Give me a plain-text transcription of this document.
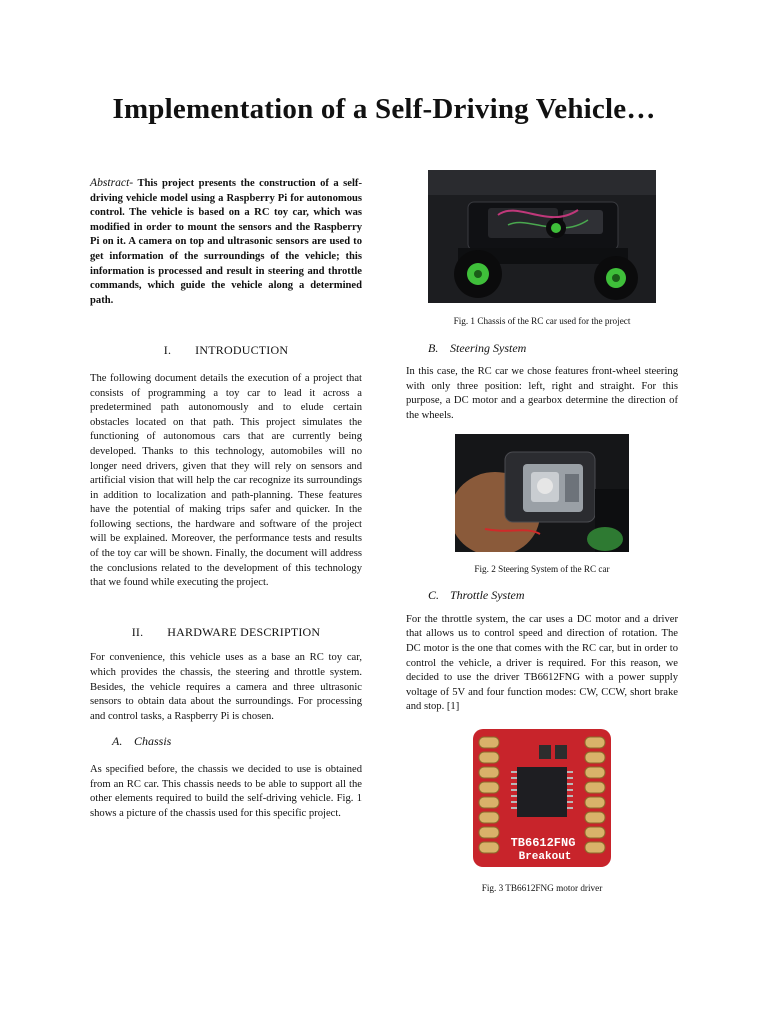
Implementation of a Self-Driving Vehicle…

Abstract- This project presents the construction of a self-driving vehicle model using a Raspberry Pi for autonomous control. The vehicle is based on a RC toy car, which was modified in order to mount the sensors and the Raspberry Pi on it. A camera on top and ultrasonic sensors are used to get information of the surroundings of the vehicle; this information is processed and result in steering and throttle commands, which guide the vehicle along a determined path.

I. INTRODUCTION

The following document details the execution of a project that consists of programming a toy car to lead it across a predetermined path autonomously and to elude certain obstacles located on that path. This project simulates the functioning of autonomous cars that are currently being developed. Thanks to this technology, automobiles will no longer need drivers, given that they will rely on sensors and artificial vision that will help the car recognize its surroundings in addition to localization and path-planning. These features have the potential of making trips safer and quicker. In the following sections, the hardware and software of the project will be explained. Moreover, the performance tests and results of the toy car will be shown. Finally, the document will address the conclusions related to the development of this technology that we found while executing the project.

II. HARDWARE DESCRIPTION

For convenience, this vehicle uses as a base an RC toy car, which provides the chassis, the steering and throttle system. Besides, the vehicle requires a camera and three ultrasonic sensors to obtain data about the surroundings. For processing and control tasks, a Raspberry Pi is chosen.

A. Chassis

As specified before, the chassis we decided to use is obtained from an RC car. This chassis needs to be able to support all the other elements required to build the self-driving vehicle. Fig. 1 shows a picture of the chassis used for this specific project.

Fig. 1 Chassis of the RC car used for the project

B. Steering System

In this case, the RC car we chose features front-wheel steering with only three position: left, right and straight. For this purpose, a DC motor and a gearbox determine the direction of the wheels.

Fig. 2 Steering System of the RC car

C. Throttle System

For the throttle system, the car uses a DC motor and a driver that allows us to control speed and direction of rotation. The DC motor is the one that comes with the RC car, but in order to control the vehicle, a driver is required. For this reason, we decided to use the driver TB6612FNG with a power supply voltage of 5V and four function modes: CW, CCW, short brake and stop. [1]

TB6612FNG
Breakout

Fig. 3 TB6612FNG motor driver
